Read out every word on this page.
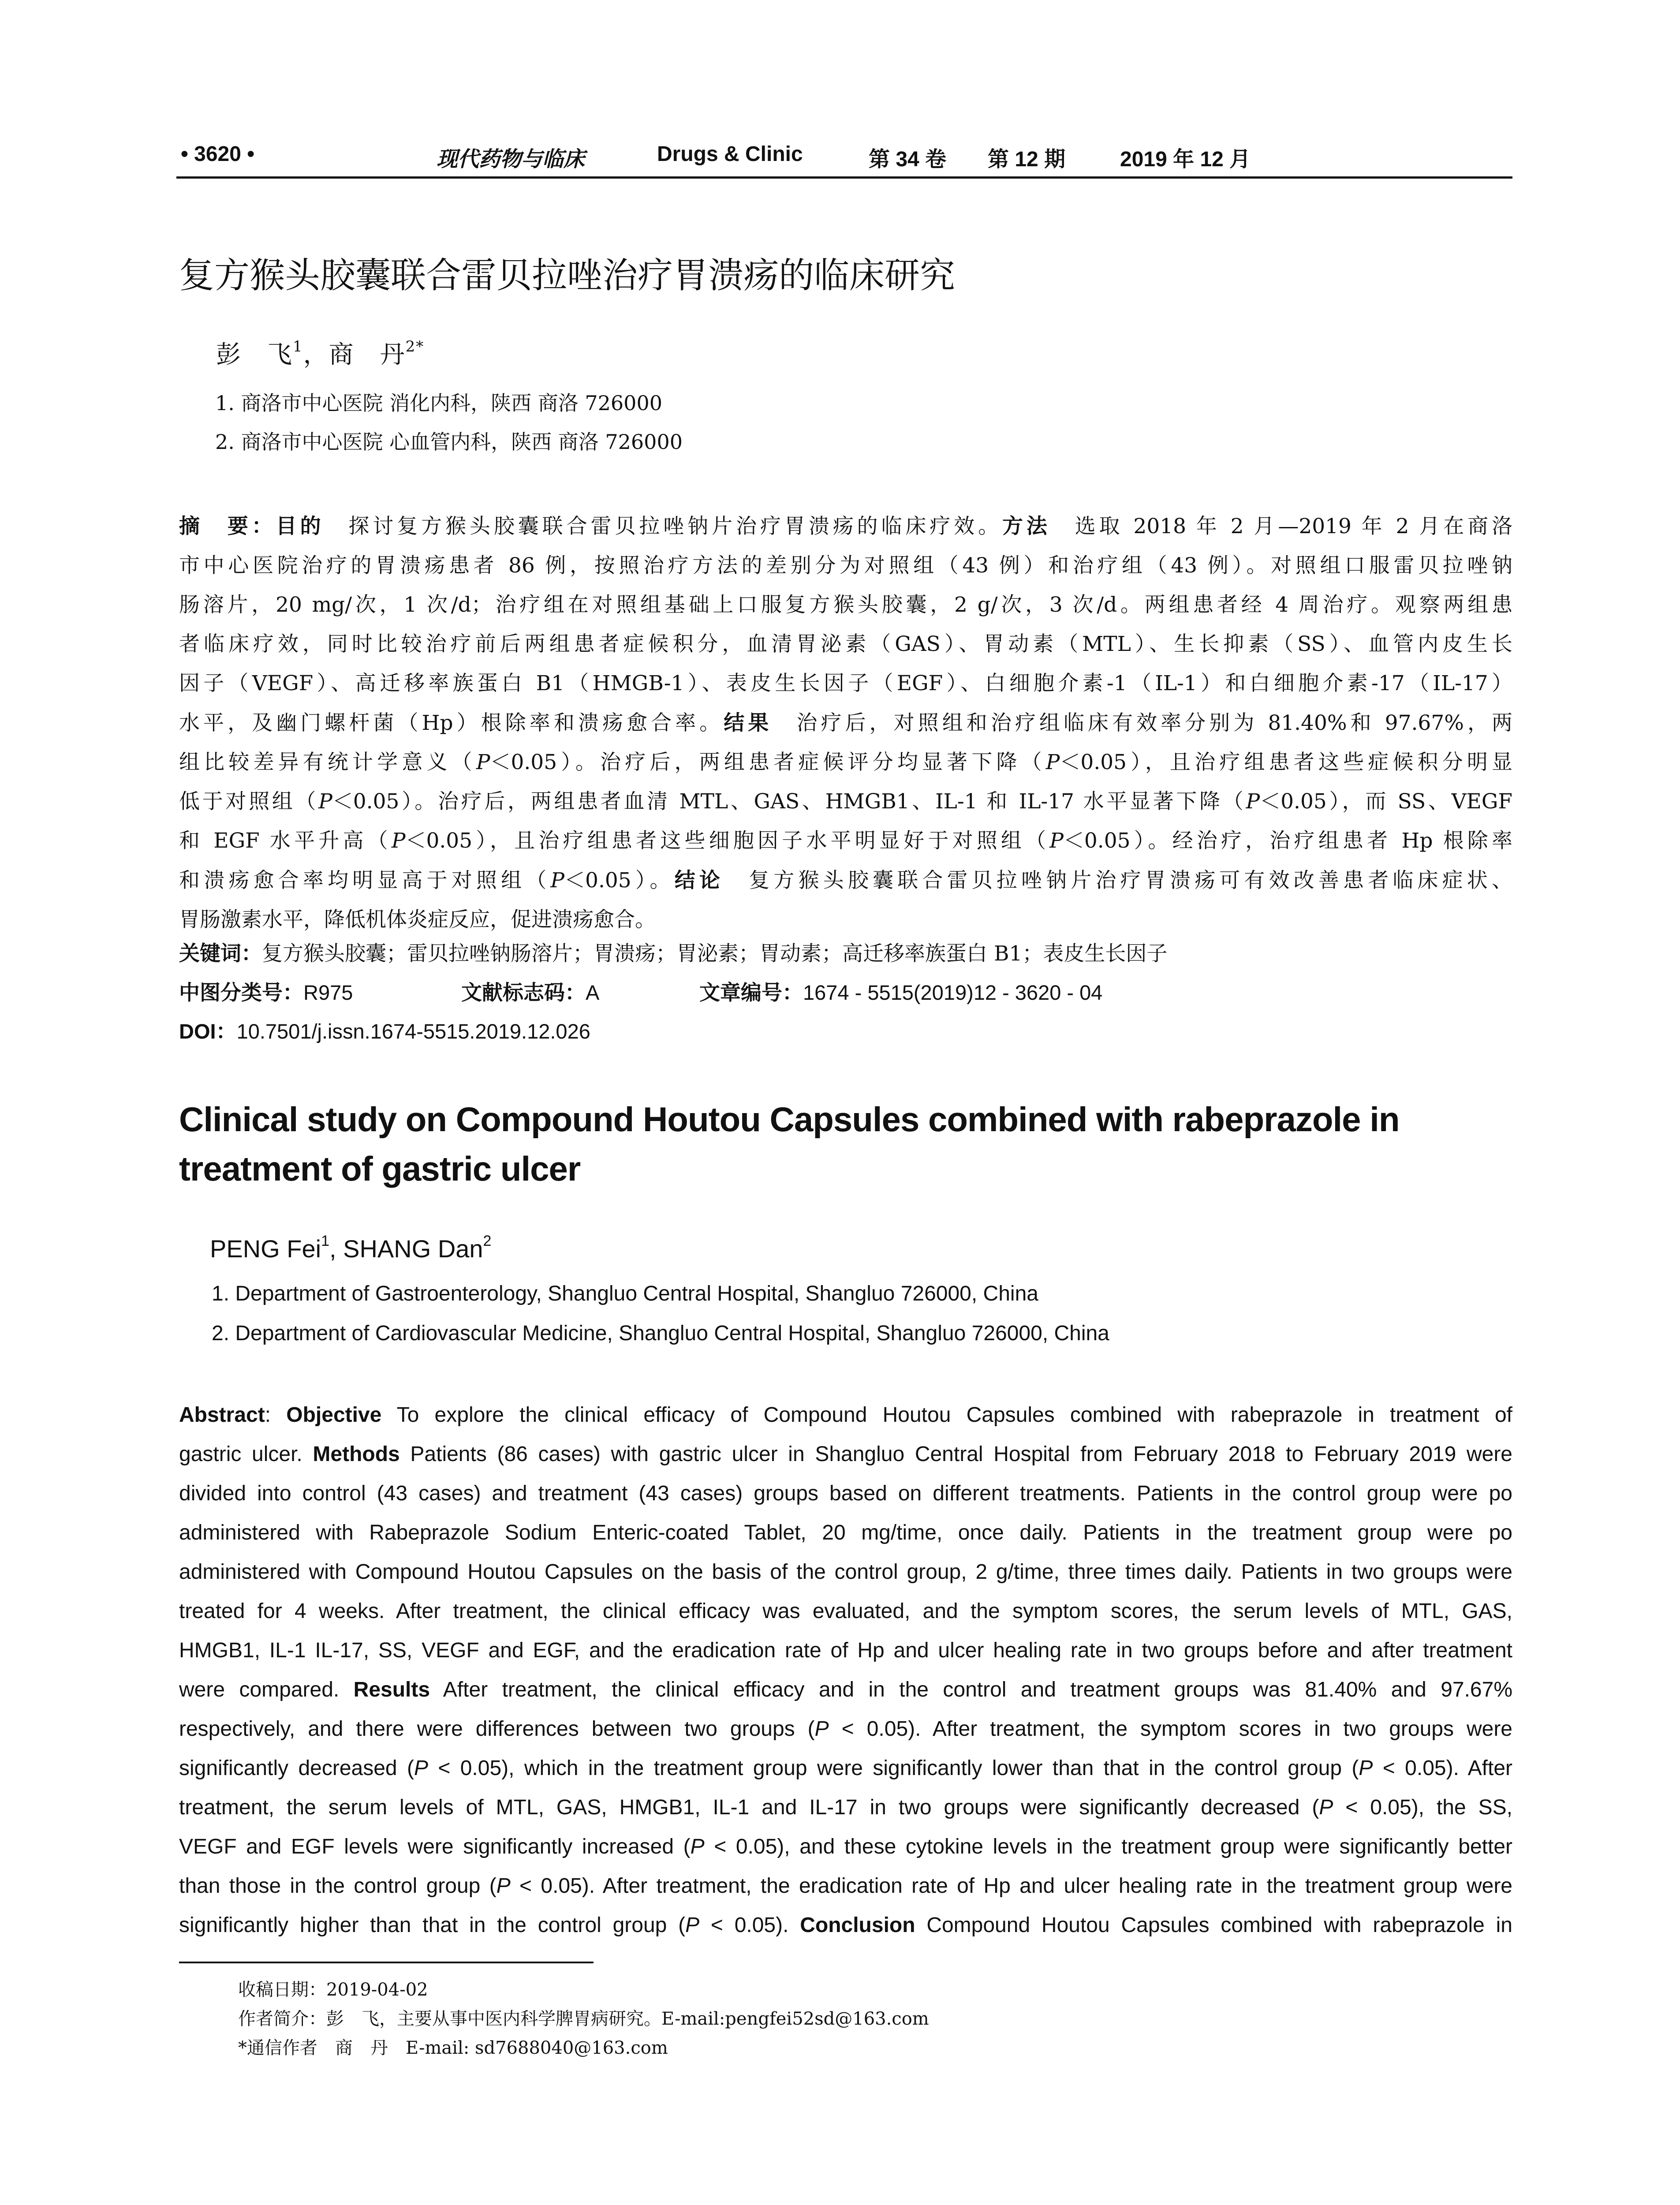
• 3620 •	现代药物与临床	Drugs & Clinic	第 34 卷 第 12 期	2019 年 12 月
复方猴头胶囊联合雷贝拉唑治疗胃溃疡的临床研究
彭　飞$^1$，商　丹$^{2*}$
1. 商洛市中心医院 消化内科，陕西 商洛 726000
2. 商洛市中心医院 心血管内科，陕西 商洛 726000
摘　要：目的　探讨复方猴头胶囊联合雷贝拉唑钠片治疗胃溃疡的临床疗效。方法　选取 2018 年 2 月—2019 年 2 月在商洛
市中心医院治疗的胃溃疡患者 86 例，按照治疗方法的差别分为对照组（43 例）和治疗组（43 例）。对照组口服雷贝拉唑钠
肠溶片，20 mg/次，1 次/d；治疗组在对照组基础上口服复方猴头胶囊，2 g/次，3 次/d。两组患者经 4 周治疗。观察两组患
者临床疗效，同时比较治疗前后两组患者症候积分，血清胃泌素（GAS）、胃动素（MTL）、生长抑素（SS）、血管内皮生长
因子（VEGF）、高迁移率族蛋白 B1（HMGB-1）、表皮生长因子（EGF）、白细胞介素-1（IL-1）和白细胞介素-17（IL-17）
水平，及幽门螺杆菌（Hp）根除率和溃疡愈合率。结果　治疗后，对照组和治疗组临床有效率分别为 81.40%和 97.67%，两
组比较差异有统计学意义（P＜0.05）。治疗后，两组患者症候评分均显著下降（P＜0.05），且治疗组患者这些症候积分明显
低于对照组（P＜0.05）。治疗后，两组患者血清 MTL、GAS、HMGB1、IL-1 和 IL-17 水平显著下降（P＜0.05），而 SS、VEGF
和 EGF 水平升高（P＜0.05），且治疗组患者这些细胞因子水平明显好于对照组（P＜0.05）。经治疗，治疗组患者 Hp 根除率
和溃疡愈合率均明显高于对照组（P＜0.05）。结论　复方猴头胶囊联合雷贝拉唑钠片治疗胃溃疡可有效改善患者临床症状、
胃肠激素水平，降低机体炎症反应，促进溃疡愈合。
关键词：复方猴头胶囊；雷贝拉唑钠肠溶片；胃溃疡；胃泌素；胃动素；高迁移率族蛋白 B1；表皮生长因子
中图分类号：R975	文献标志码：A	文章编号：1674 - 5515(2019)12 - 3620 - 04
DOI：10.7501/j.issn.1674-5515.2019.12.026
Clinical study on Compound Houtou Capsules combined with rabeprazole in treatment of gastric ulcer
PENG Fei$^1$, SHANG Dan$^2$
1. Department of Gastroenterology, Shangluo Central Hospital, Shangluo 726000, China
2. Department of Cardiovascular Medicine, Shangluo Central Hospital, Shangluo 726000, China
Abstract: Objective To explore the clinical efficacy of Compound Houtou Capsules combined with rabeprazole in treatment of
gastric ulcer. Methods Patients (86 cases) with gastric ulcer in Shangluo Central Hospital from February 2018 to February 2019 were
divided into control (43 cases) and treatment (43 cases) groups based on different treatments. Patients in the control group were po
administered with Rabeprazole Sodium Enteric-coated Tablet, 20 mg/time, once daily. Patients in the treatment group were po
administered with Compound Houtou Capsules on the basis of the control group, 2 g/time, three times daily. Patients in two groups were
treated for 4 weeks. After treatment, the clinical efficacy was evaluated, and the symptom scores, the serum levels of MTL, GAS,
HMGB1, IL-1 IL-17, SS, VEGF and EGF, and the eradication rate of Hp and ulcer healing rate in two groups before and after treatment
were compared. Results After treatment, the clinical efficacy and in the control and treatment groups was 81.40% and 97.67%
respectively, and there were differences between two groups (P < 0.05). After treatment, the symptom scores in two groups were
significantly decreased (P < 0.05), which in the treatment group were significantly lower than that in the control group (P < 0.05). After
treatment, the serum levels of MTL, GAS, HMGB1, IL-1 and IL-17 in two groups were significantly decreased (P < 0.05), the SS,
VEGF and EGF levels were significantly increased (P < 0.05), and these cytokine levels in the treatment group were significantly better
than those in the control group (P < 0.05). After treatment, the eradication rate of Hp and ulcer healing rate in the treatment group were
significantly higher than that in the control group (P < 0.05). Conclusion Compound Houtou Capsules combined with rabeprazole in
收稿日期：2019-04-02
作者简介：彭　飞，主要从事中医内科学脾胃病研究。E-mail:pengfei52sd@163.com
*通信作者　商　丹　E-mail: sd7688040@163.com
